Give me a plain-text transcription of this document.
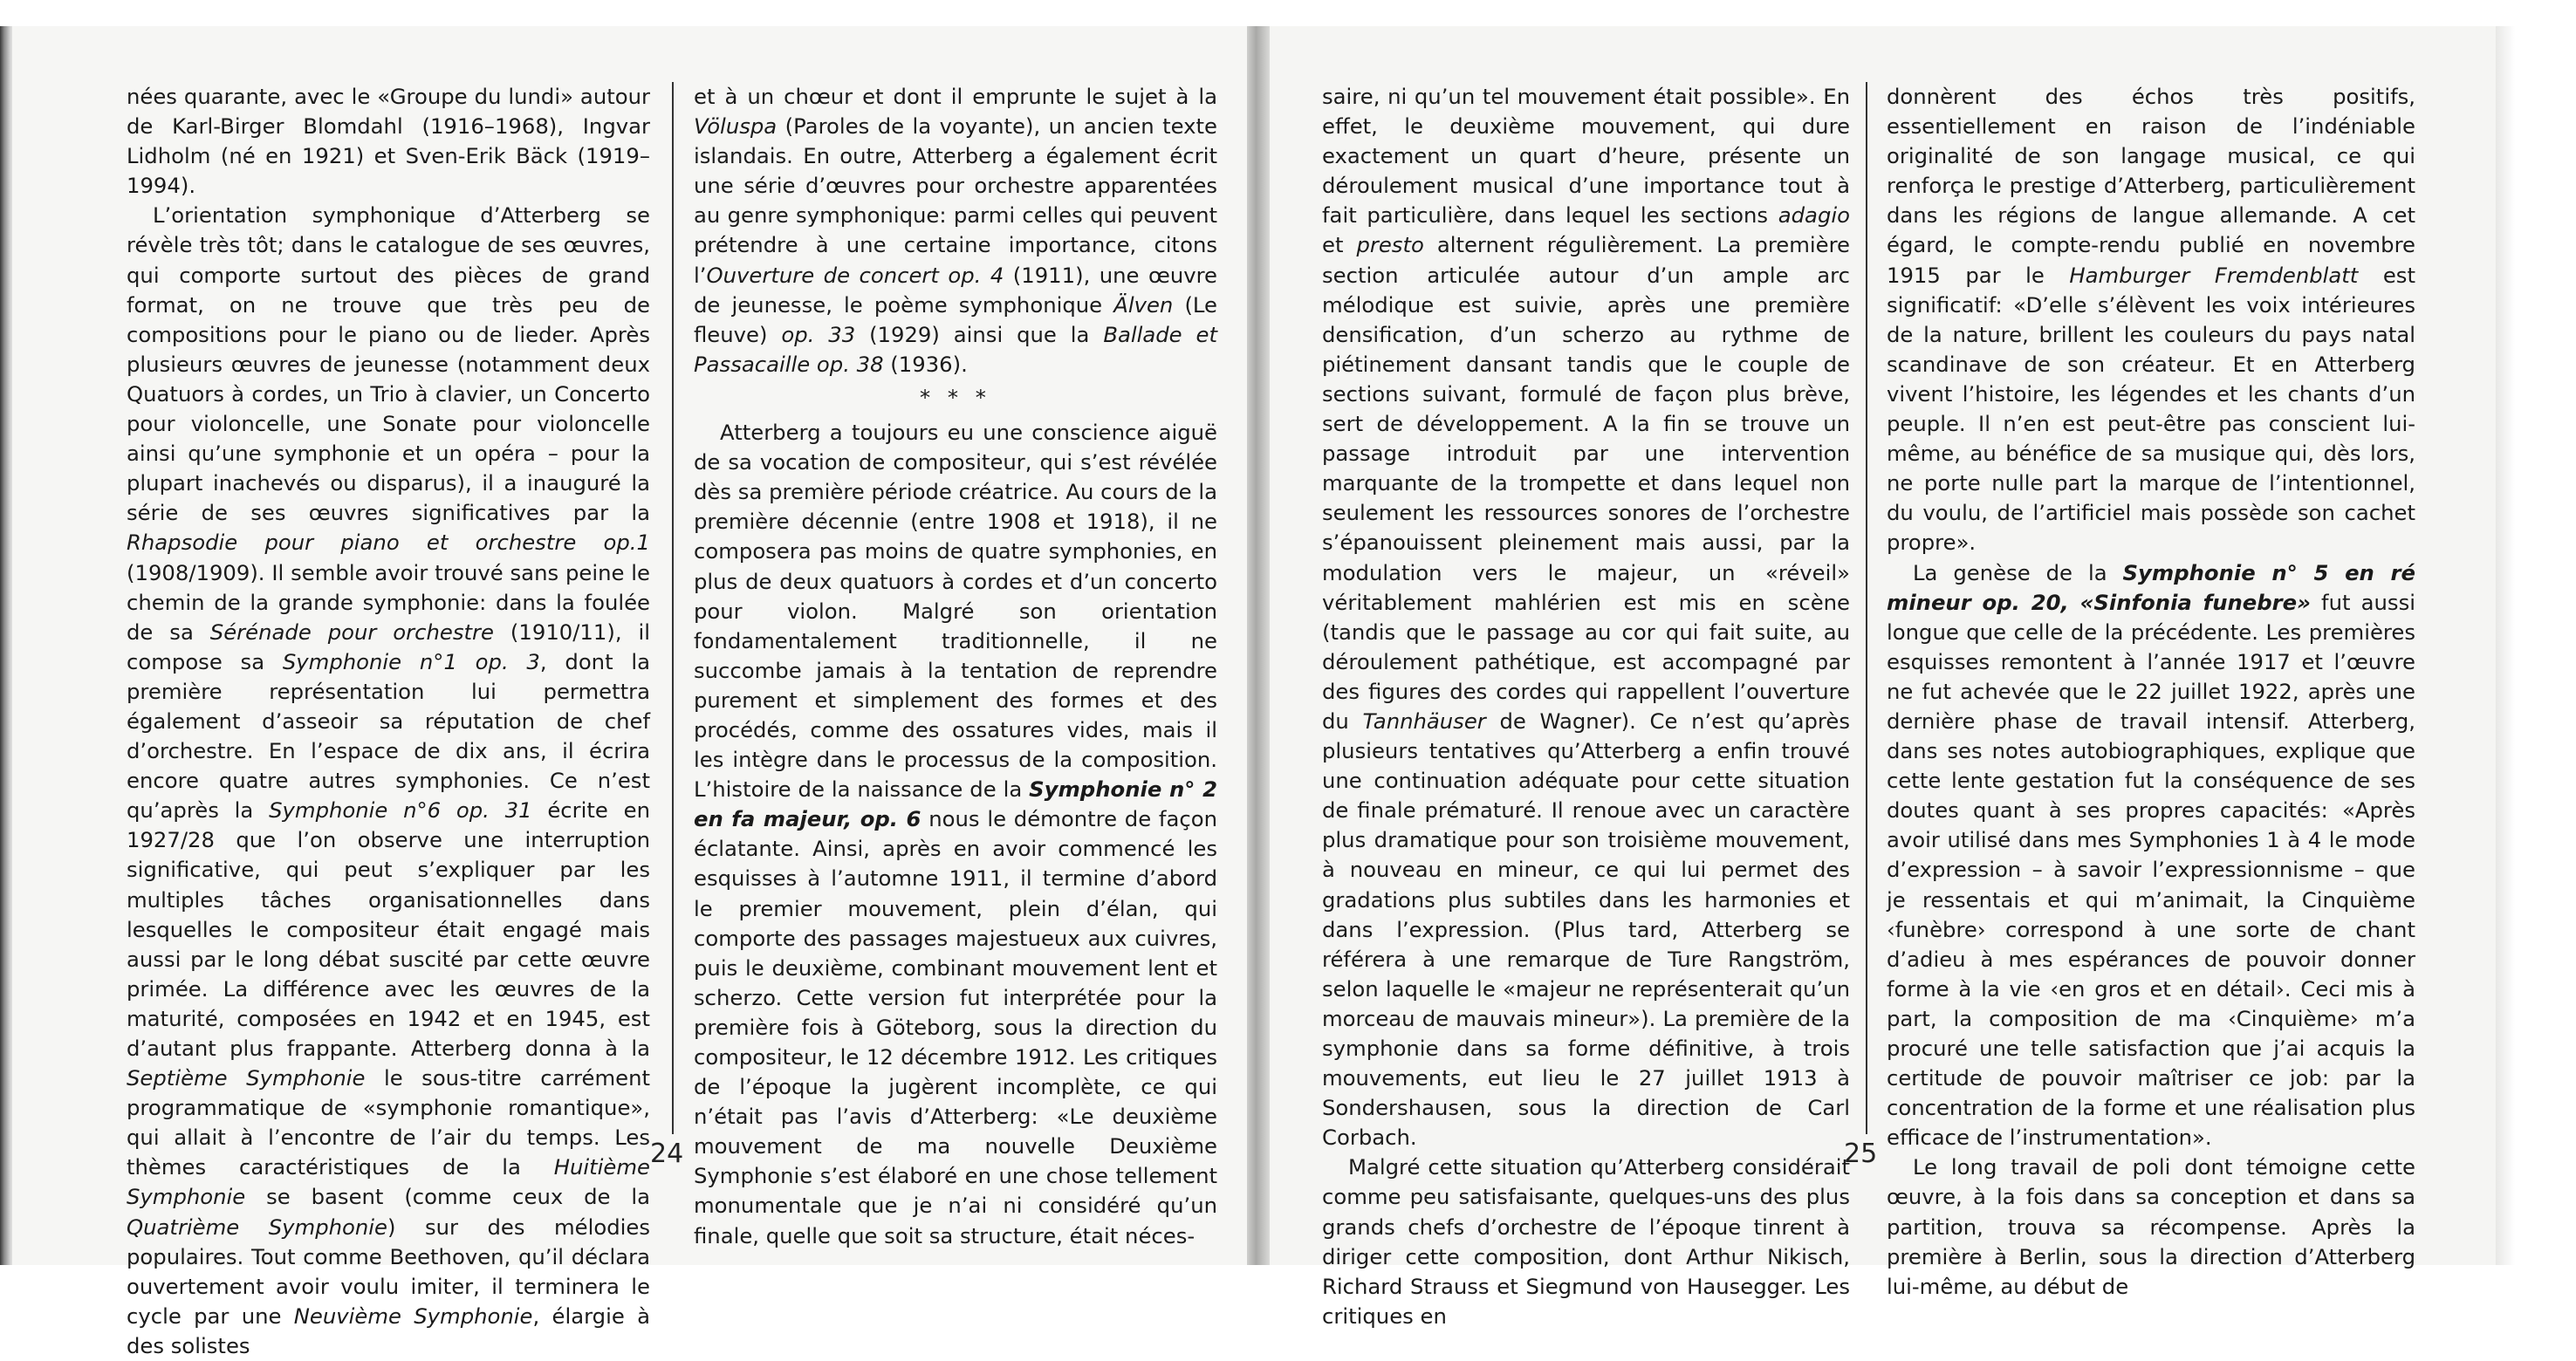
nées quarante, avec le «Groupe du lundi» autour de Karl-Birger Blomdahl (1916–1968), Ingvar Lidholm (né en 1921) et Sven-Erik Bäck (1919–1994).

L’orientation symphonique d’Atterberg se révèle très tôt; dans le catalogue de ses œuvres, qui comporte surtout des pièces de grand format, on ne trouve que très peu de compositions pour le piano ou de lieder. Après plusieurs œuvres de jeunesse (notamment deux Quatuors à cordes, un Trio à clavier, un Concerto pour violoncelle, une Sonate pour violoncelle ainsi qu’une symphonie et un opéra – pour la plupart inachevés ou disparus), il a inauguré la série de ses œuvres significatives par la Rhapsodie pour piano et orchestre op.1 (1908/1909). Il semble avoir trouvé sans peine le chemin de la grande symphonie: dans la foulée de sa Sérénade pour orchestre (1910/11), il compose sa Symphonie n°1 op. 3, dont la première représentation lui permettra également d’asseoir sa réputation de chef d’orchestre. En l’espace de dix ans, il écrira encore quatre autres symphonies. Ce n’est qu’après la Symphonie n°6 op. 31 écrite en 1927/28 que l’on observe une interruption significative, qui peut s’expliquer par les multiples tâches organisationnelles dans lesquelles le compositeur était engagé mais aussi par le long débat suscité par cette œuvre primée. La différence avec les œuvres de la maturité, composées en 1942 et en 1945, est d’autant plus frappante. Atterberg donna à la Septième Symphonie le sous-titre carrément programmatique de «symphonie romantique», qui allait à l’encontre de l’air du temps. Les thèmes caractéristiques de la Huitième Symphonie se basent (comme ceux de la Quatrième Symphonie) sur des mélodies populaires. Tout comme Beethoven, qu’il déclara ouvertement avoir voulu imiter, il terminera le cycle par une Neuvième Symphonie, élargie à des solistes

et à un chœur et dont il emprunte le sujet à la Völuspa (Paroles de la voyante), un ancien texte islandais. En outre, Atterberg a également écrit une série d’œuvres pour orchestre apparentées au genre symphonique: parmi celles qui peuvent prétendre à une certaine importance, citons l’Ouverture de concert op. 4 (1911), une œuvre de jeunesse, le poème symphonique Älven (Le fleuve) op. 33 (1929) ainsi que la Ballade et Passacaille op. 38 (1936).

* * *

Atterberg a toujours eu une conscience aiguë de sa vocation de compositeur, qui s’est révélée dès sa première période créatrice. Au cours de la première décennie (entre 1908 et 1918), il ne composera pas moins de quatre symphonies, en plus de deux quatuors à cordes et d’un concerto pour violon. Malgré son orientation fondamentalement traditionnelle, il ne succombe jamais à la tentation de reprendre purement et simplement des formes et des procédés, comme des ossatures vides, mais il les intègre dans le processus de la composition. L’histoire de la naissance de la Symphonie n° 2 en fa majeur, op. 6 nous le démontre de façon éclatante. Ainsi, après en avoir commencé les esquisses à l’automne 1911, il termine d’abord le premier mouvement, plein d’élan, qui comporte des passages majestueux aux cuivres, puis le deuxième, combinant mouvement lent et scherzo. Cette version fut interprétée pour la première fois à Göteborg, sous la direction du compositeur, le 12 décembre 1912. Les critiques de l’époque la jugèrent incomplète, ce qui n’était pas l’avis d’Atterberg: «Le deuxième mouvement de ma nouvelle Deuxième Symphonie s’est élaboré en une chose tellement monumentale que je n’ai ni considéré qu’un finale, quelle que soit sa structure, était néces-

saire, ni qu’un tel mouvement était possible». En effet, le deuxième mouvement, qui dure exactement un quart d’heure, présente un déroulement musical d’une importance tout à fait particulière, dans lequel les sections adagio et presto alternent régulièrement. La première section articulée autour d’un ample arc mélodique est suivie, après une première densification, d’un scherzo au rythme de piétinement dansant tandis que le couple de sections suivant, formulé de façon plus brève, sert de développement. A la fin se trouve un passage introduit par une intervention marquante de la trompette et dans lequel non seulement les ressources sonores de l’orchestre s’épanouissent pleinement mais aussi, par la modulation vers le majeur, un «réveil» véritablement mahlérien est mis en scène (tandis que le passage au cor qui fait suite, au déroulement pathétique, est accompagné par des figures des cordes qui rappellent l’ouverture du Tannhäuser de Wagner). Ce n’est qu’après plusieurs tentatives qu’Atterberg a enfin trouvé une continuation adéquate pour cette situation de finale prématuré. Il renoue avec un caractère plus dramatique pour son troisième mouvement, à nouveau en mineur, ce qui lui permet des gradations plus subtiles dans les harmonies et dans l’expression. (Plus tard, Atterberg se référera à une remarque de Ture Rangström, selon laquelle le «majeur ne représenterait qu’un morceau de mauvais mineur»). La première de la symphonie dans sa forme définitive, à trois mouvements, eut lieu le 27 juillet 1913 à Sondershausen, sous la direction de Carl Corbach.

Malgré cette situation qu’Atterberg considérait comme peu satisfaisante, quelques-uns des plus grands chefs d’orchestre de l’époque tinrent à diriger cette composition, dont Arthur Nikisch, Richard Strauss et Siegmund von Hausegger. Les critiques en

donnèrent des échos très positifs, essentiellement en raison de l’indéniable originalité de son langage musical, ce qui renforça le prestige d’Atterberg, particulièrement dans les régions de langue allemande. A cet égard, le compte-rendu publié en novembre 1915 par le Hamburger Fremdenblatt est significatif: «D’elle s’élèvent les voix intérieures de la nature, brillent les couleurs du pays natal scandinave de son créateur. Et en Atterberg vivent l’histoire, les légendes et les chants d’un peuple. Il n’en est peut-être pas conscient lui-même, au bénéfice de sa musique qui, dès lors, ne porte nulle part la marque de l’intentionnel, du voulu, de l’artificiel mais possède son cachet propre».

La genèse de la Symphonie n° 5 en ré mineur op. 20, «Sinfonia funebre» fut aussi longue que celle de la précédente. Les premières esquisses remontent à l’année 1917 et l’œuvre ne fut achevée que le 22 juillet 1922, après une dernière phase de travail intensif. Atterberg, dans ses notes autobiographiques, explique que cette lente gestation fut la conséquence de ses doutes quant à ses propres capacités: «Après avoir utilisé dans mes Symphonies 1 à 4 le mode d’expression – à savoir l’expressionnisme – que je ressentais et qui m’animait, la Cinquième ‹funèbre› correspond à une sorte de chant d’adieu à mes espérances de pouvoir donner forme à la vie ‹en gros et en détail›. Ceci mis à part, la composition de ma ‹Cinquième› m’a procuré une telle satisfaction que j’ai acquis la certitude de pouvoir maîtriser ce job: par la concentration de la forme et une réalisation plus efficace de l’instrumentation».

Le long travail de poli dont témoigne cette œuvre, à la fois dans sa conception et dans sa partition, trouva sa récompense. Après la première à Berlin, sous la direction d’Atterberg lui-même, au début de

24	25
